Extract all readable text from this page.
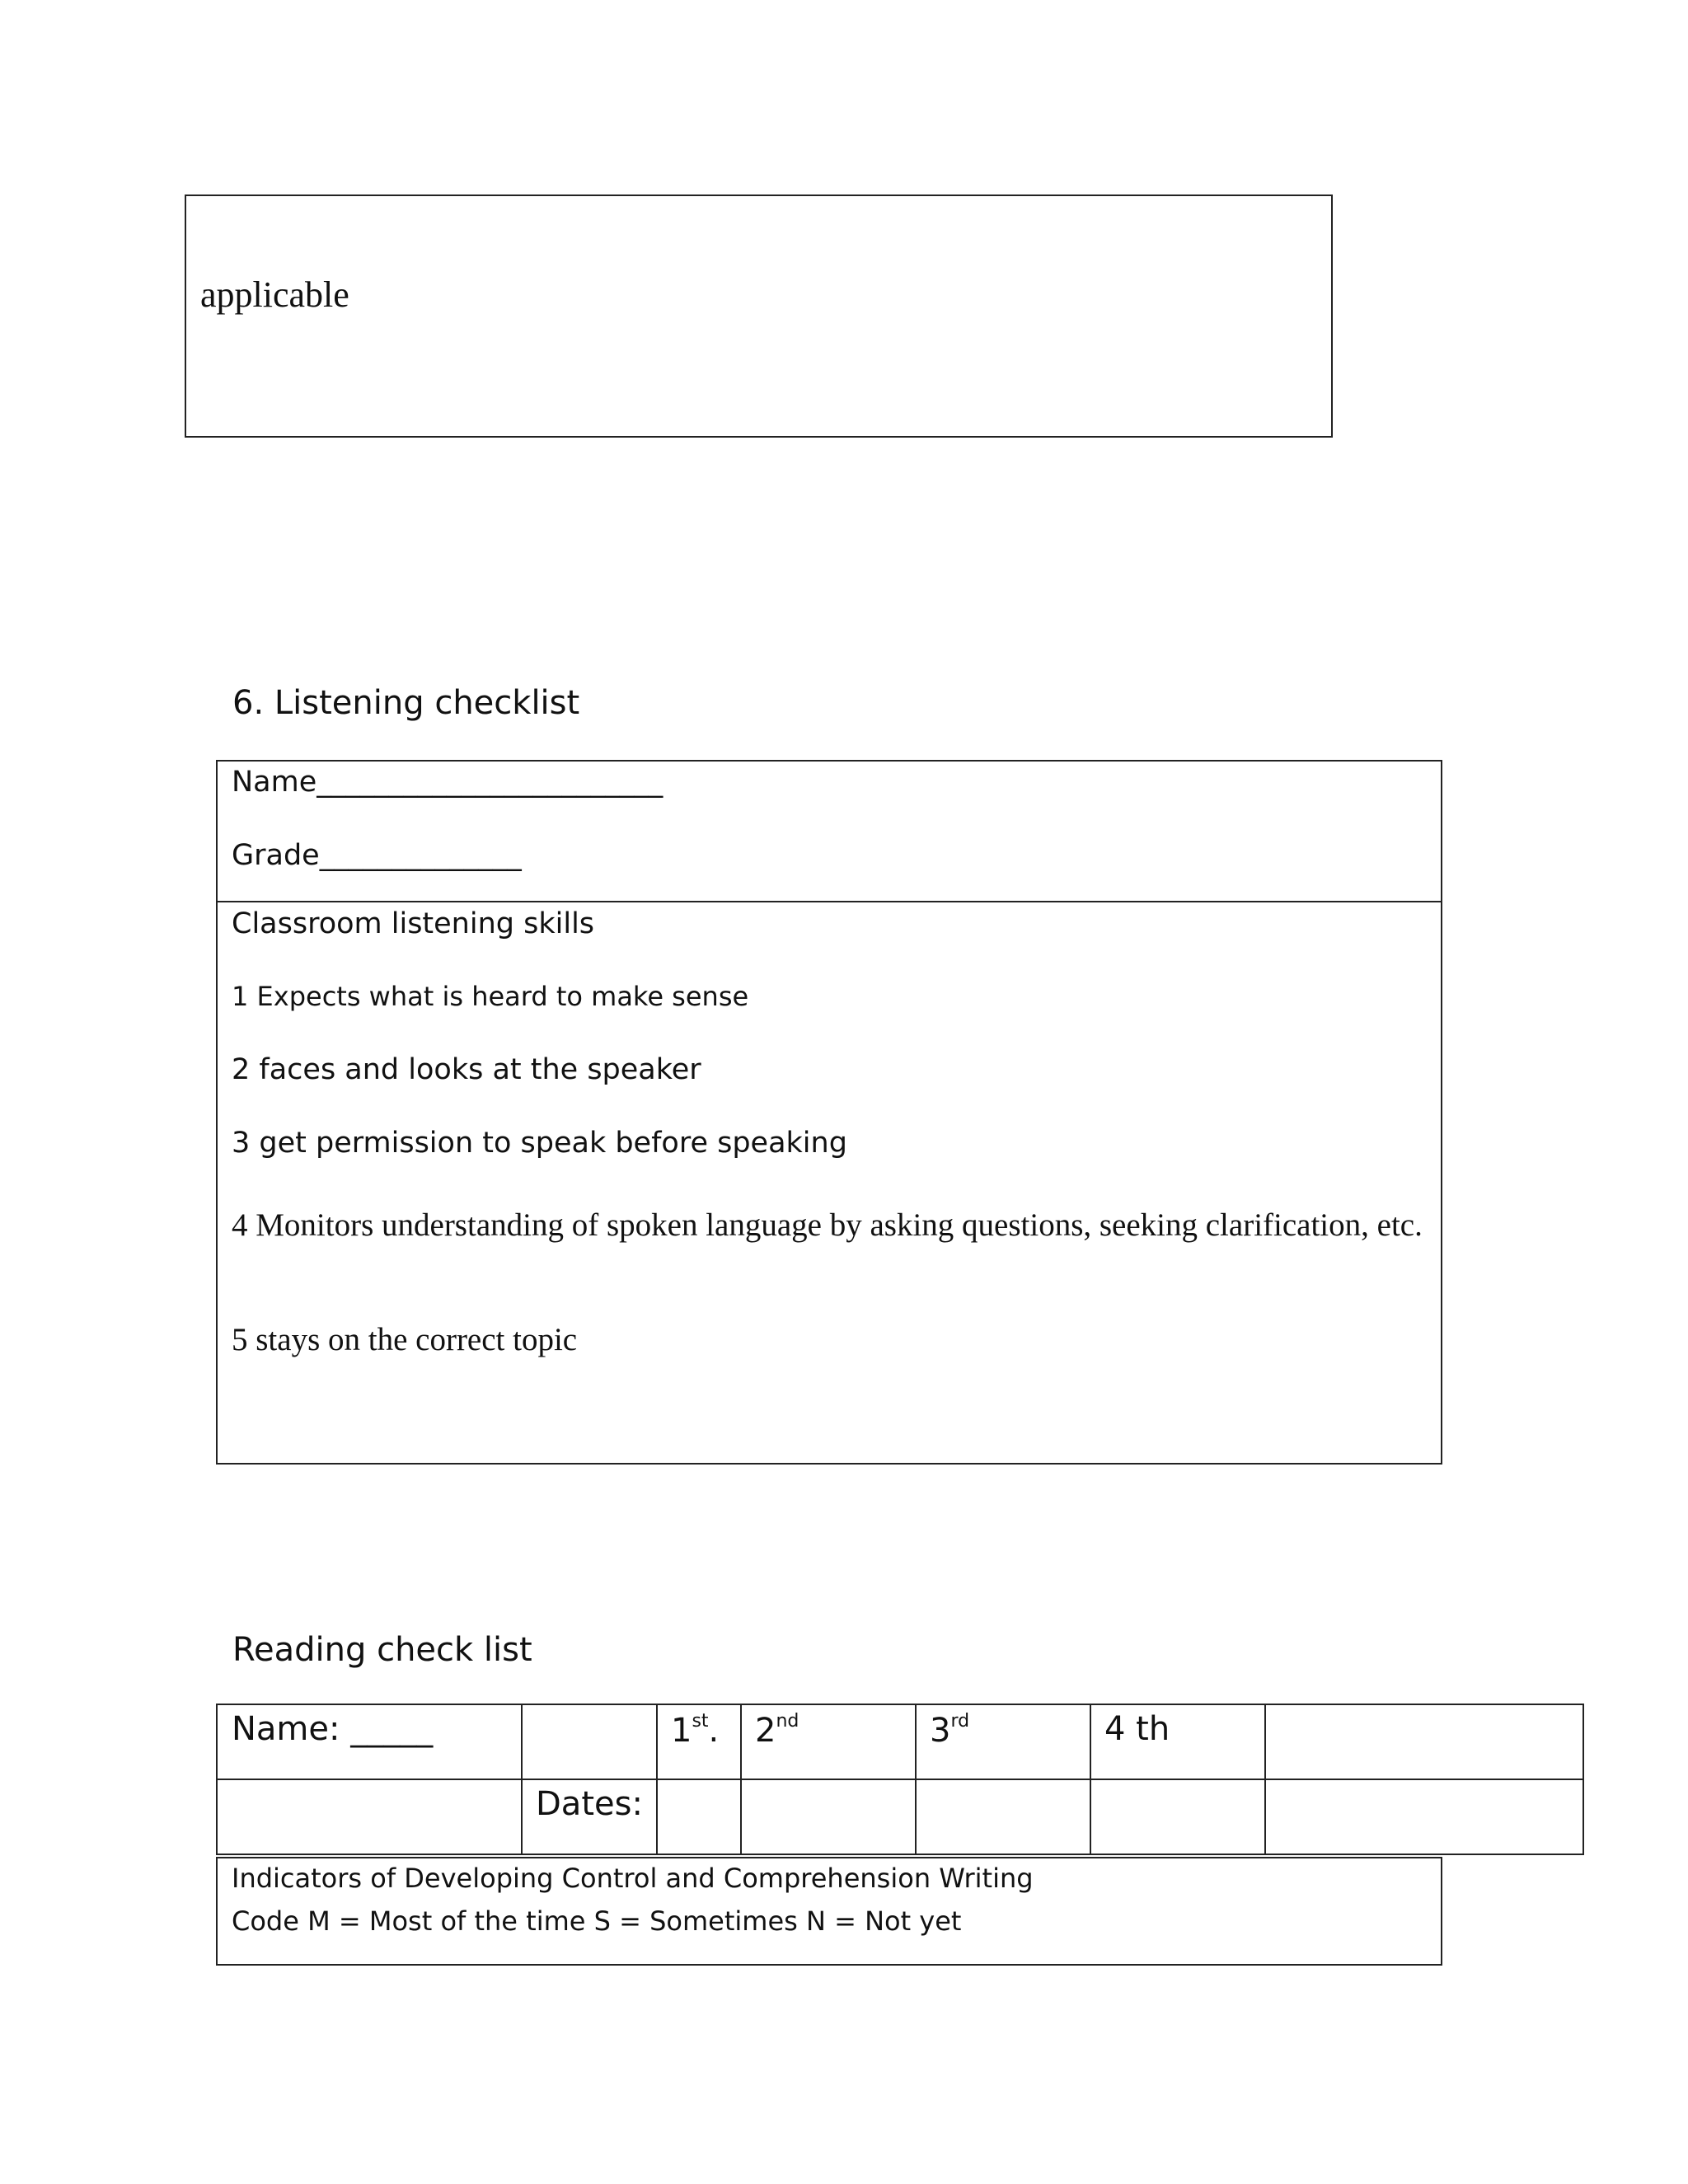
applicable
6. Listening checklist
Name________________________
Grade______________
Classroom listening skills
1 Expects what is heard to make sense
2 faces and looks at the speaker
3 get permission to speak before speaking
4 Monitors understanding of spoken language by asking questions, seeking clarification, etc.
5 stays on the correct topic
Reading check list
Name: _____
Dates:
1st. 2nd	3rd	4 th
Indicators of Developing Control and Comprehension Writing
Code M = Most of the time S = Sometimes N = Not yet
